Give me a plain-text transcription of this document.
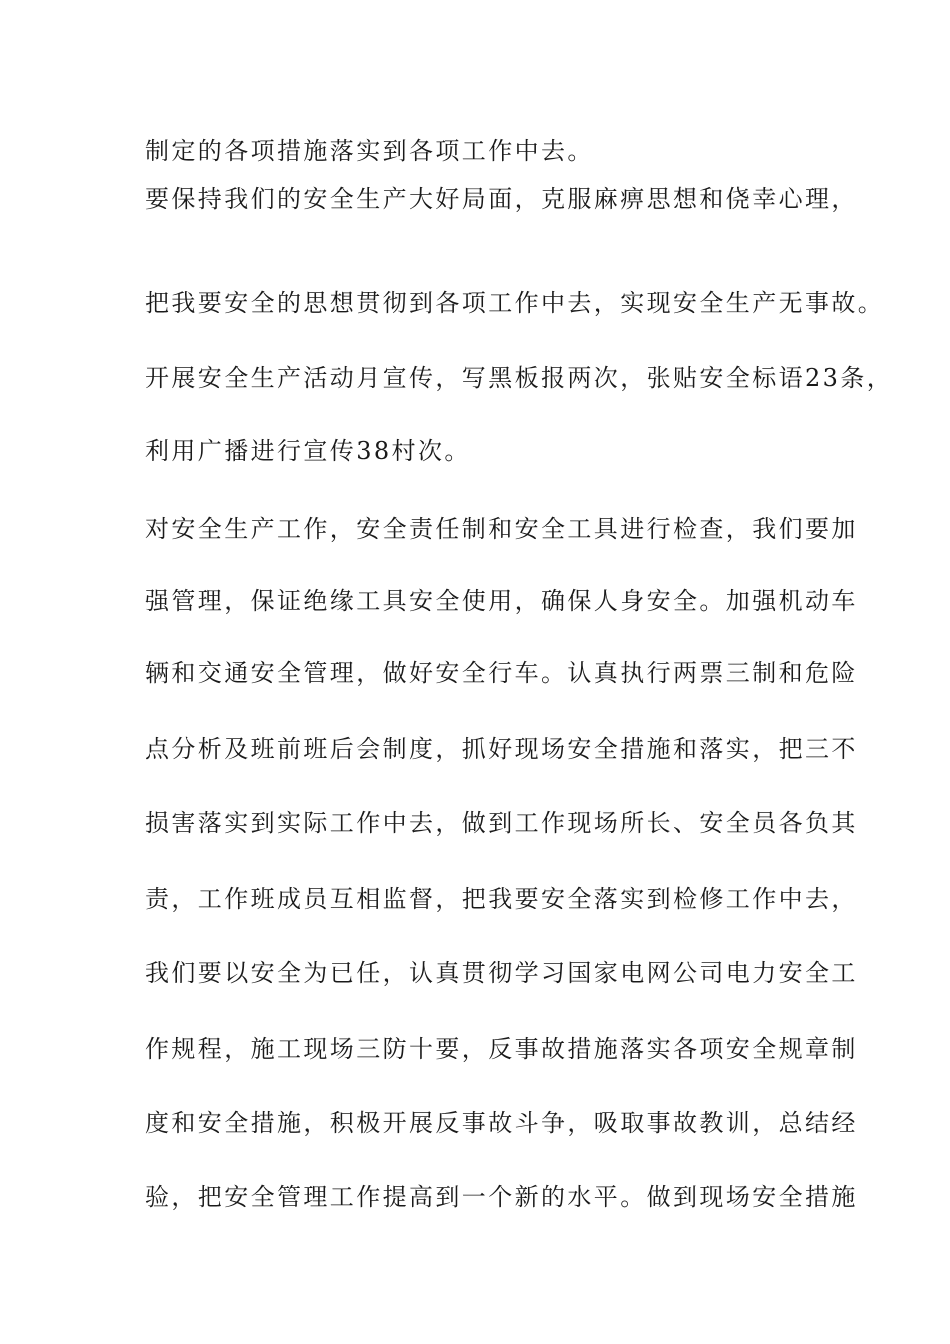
制定的各项措施落实到各项工作中去。
要保持我们的安全生产大好局面，克服麻痹思想和侥幸心理，
把我要安全的思想贯彻到各项工作中去，实现安全生产无事故。
开展安全生产活动月宣传，写黑板报两次，张贴安全标语23条，
利用广播进行宣传38村次。
对安全生产工作，安全责任制和安全工具进行检查，我们要加
强管理，保证绝缘工具安全使用，确保人身安全。加强机动车
辆和交通安全管理，做好安全行车。认真执行两票三制和危险
点分析及班前班后会制度，抓好现场安全措施和落实，把三不
损害落实到实际工作中去，做到工作现场所长、安全员各负其
责，工作班成员互相监督，把我要安全落实到检修工作中去，
我们要以安全为已任，认真贯彻学习国家电网公司电力安全工
作规程，施工现场三防十要，反事故措施落实各项安全规章制
度和安全措施，积极开展反事故斗争，吸取事故教训，总结经
验，把安全管理工作提高到一个新的水平。做到现场安全措施
